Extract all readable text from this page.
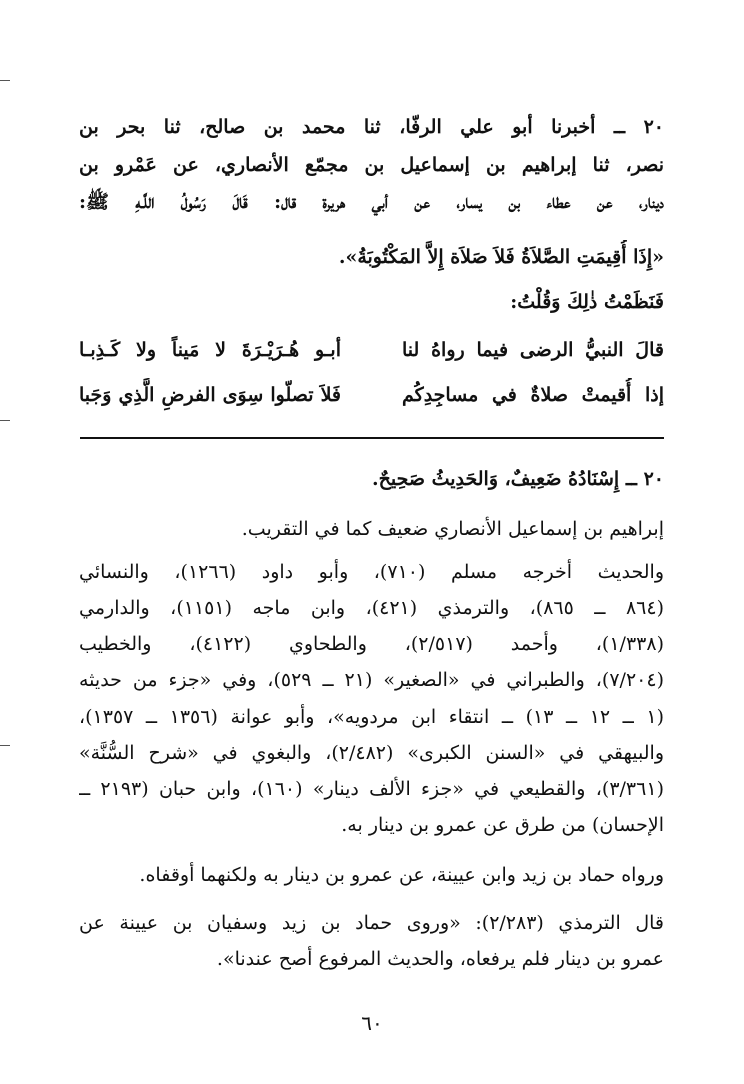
٢٠ ــ أخبرنا أبو علي الرفّا، ثنا محمد بن صالح، ثنا بحر بن
نصر، ثنا إبراهيم بن إسماعيل بن مجمّع الأنصاري، عن عَمْرو بن
دينار، عن عطاء بن يسار، عن أبي هريرة قال: قَالَ رَسُولُ اللَّـهِ ﷺ:
«إِذَا أُقِيمَتِ الصَّلاَةُ فَلاَ صَلاَة إِلاَّ المَكْتُوبَةُ».
فَنَظَمْتُ ذٰلِكَ وَقُلْتُ:
قالَ النبيُّ الرضى فيما رواهُ لنا
أبـو هُـرَيْـرَةَ لا مَيناً ولا كَـذِبـا
إذا أُقيمتْ صلاةٌ في مساجِدِكُم
فَلاَ تصلّوا سِوَى الفرضِ الَّذِي وَجَبا
٢٠ ــ إِسْنَادُهُ ضَعِيفٌ، وَالحَدِيثُ صَحِيحٌ.
إبراهيم بن إسماعيل الأنصاري ضعيف كما في التقريب.
والحديث أخرجه مسلم (٧١٠)، وأبو داود (١٢٦٦)، والنسائي
(٨٦٤ ــ ٨٦٥)، والترمذي (٤٢١)، وابن ماجه (١١٥١)، والدارمي
(١/٣٣٨)، وأحمد (٢/٥١٧)، والطحاوي (٤١٢٢)، والخطيب
(٧/٢٠٤)، والطبراني في «الصغير» (٢١ ــ ٥٢٩)، وفي «جزء من حديثه
(١ ــ ١٢ ــ ١٣) ــ انتقاء ابن مردويه»، وأبو عوانة (١٣٥٦ ــ ١٣٥٧)،
والبيهقي في «السنن الكبرى» (٢/٤٨٢)، والبغوي في «شرح السُّنَّة»
(٣/٣٦١)، والقطيعي في «جزء الألف دينار» (١٦٠)، وابن حبان (٢١٩٣ ــ
الإحسان) من طرق عن عمرو بن دينار به.
ورواه حماد بن زيد وابن عيينة، عن عمرو بن دينار به ولكنهما أوقفاه.
قال الترمذي (٢/٢٨٣): «وروى حماد بن زيد وسفيان بن عيينة عن
عمرو بن دينار فلم يرفعاه، والحديث المرفوع أصح عندنا».
٦٠
